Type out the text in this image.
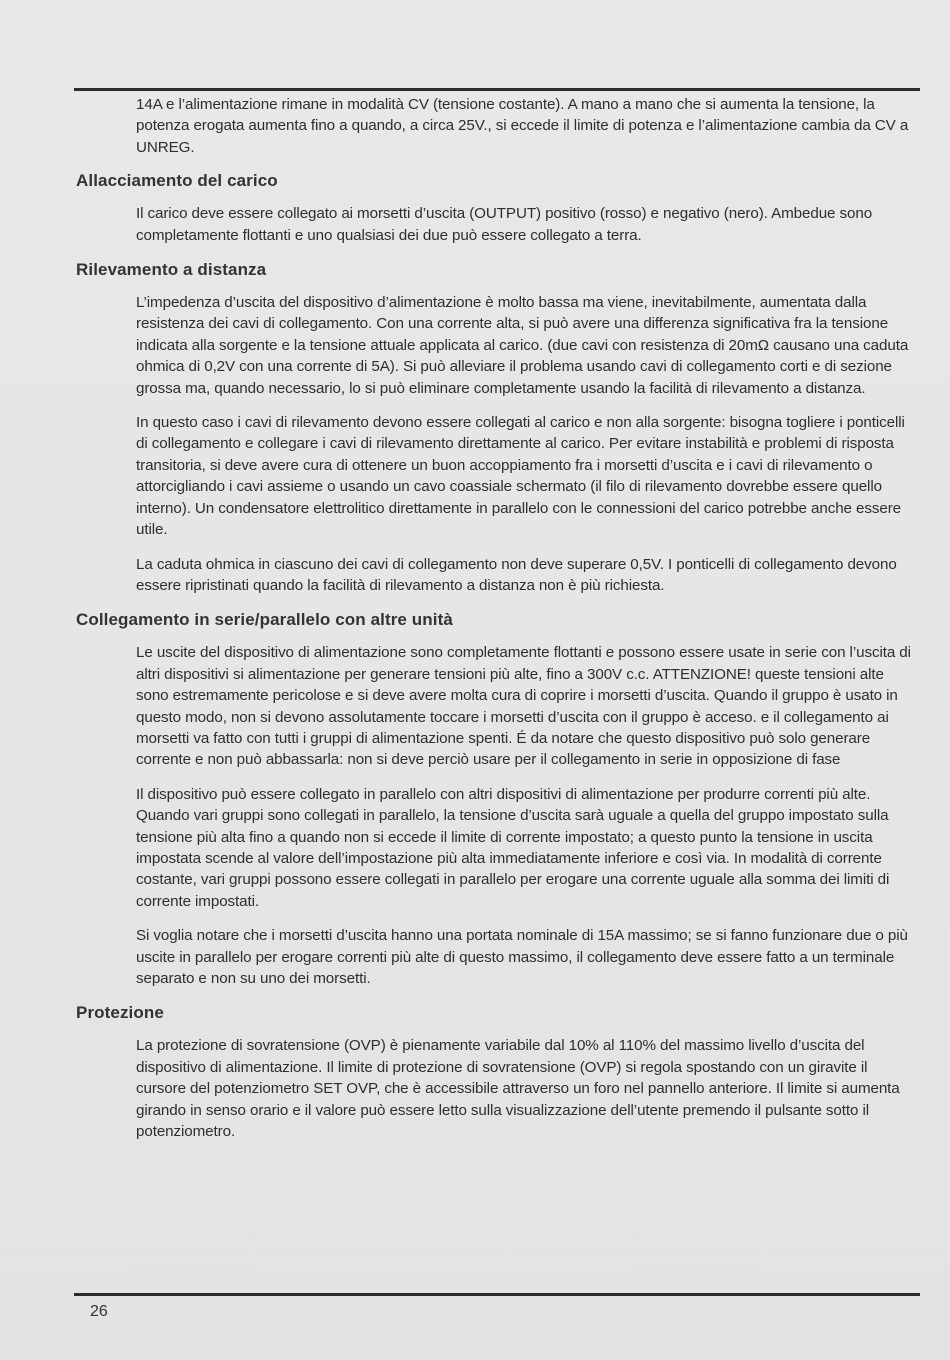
14A e l’alimentazione rimane in modalità CV (tensione costante). A mano a mano che si aumenta la tensione, la potenza erogata aumenta fino a quando, a circa 25V., si eccede il limite di potenza e l’alimentazione cambia da CV a UNREG.

Allacciamento del carico

Il carico deve essere collegato ai morsetti d’uscita (OUTPUT) positivo (rosso) e negativo (nero). Ambedue sono completamente flottanti e uno qualsiasi dei due può essere collegato a terra.

Rilevamento a distanza

L’impedenza d’uscita del dispositivo d’alimentazione è molto bassa ma viene, inevitabilmente, aumentata dalla resistenza dei cavi di collegamento. Con una corrente alta, si può avere una differenza significativa fra la tensione indicata alla sorgente e la tensione attuale applicata al carico. (due cavi con resistenza di 20mΩ causano una caduta ohmica di 0,2V con una corrente di 5A). Si può alleviare il problema usando cavi di collegamento corti e di sezione grossa ma, quando necessario, lo si può eliminare completamente usando la facilità di rilevamento a distanza.

In questo caso i cavi di rilevamento devono essere collegati al carico e non alla sorgente: bisogna togliere i ponticelli di collegamento e collegare i cavi di rilevamento direttamente al carico. Per evitare instabilità e problemi di risposta transitoria, si deve avere cura di ottenere un buon accoppiamento fra i morsetti d’uscita e i cavi di rilevamento o attorcigliando i cavi assieme o usando un cavo coassiale schermato (il filo di rilevamento dovrebbe essere quello interno). Un condensatore elettrolitico direttamente in parallelo con le connessioni del carico potrebbe anche essere utile.

La caduta ohmica in ciascuno dei cavi di collegamento non deve superare 0,5V. I ponticelli di collegamento devono essere ripristinati quando la facilità di rilevamento a distanza non è più richiesta.

Collegamento in serie/parallelo con altre unità

Le uscite del dispositivo di alimentazione sono completamente flottanti e possono essere usate in serie con l’uscita di altri dispositivi si alimentazione per generare tensioni più alte, fino a 300V c.c. ATTENZIONE! queste tensioni alte sono estremamente pericolose e si deve avere molta cura di coprire i morsetti d’uscita. Quando il gruppo è usato in questo modo, non si devono assolutamente toccare i morsetti d’uscita con il gruppo è acceso. e il collegamento ai morsetti va fatto con tutti i gruppi di alimentazione spenti. É da notare che questo dispositivo può solo generare corrente e non può abbassarla: non si deve perciò usare per il collegamento in serie in opposizione di fase

Il dispositivo può essere collegato in parallelo con altri dispositivi di alimentazione per produrre correnti più alte. Quando vari gruppi sono collegati in parallelo, la tensione d’uscita sarà uguale a quella del gruppo impostato sulla tensione più alta fino a quando non si eccede il limite di corrente impostato; a questo punto la tensione in uscita impostata scende al valore dell’impostazione più alta immediatamente inferiore e così via. In modalità di corrente costante, vari gruppi possono essere collegati in parallelo per erogare una corrente uguale alla somma dei limiti di corrente impostati.

Si voglia notare che i morsetti d’uscita hanno una portata nominale di 15A massimo; se si fanno funzionare due o più uscite in parallelo per erogare correnti più alte di questo massimo, il collegamento deve essere fatto a un terminale separato e non su uno dei morsetti.

Protezione

La protezione di sovratensione (OVP) è pienamente variabile dal 10% al 110% del massimo livello d’uscita del dispositivo di alimentazione. Il limite di protezione di sovratensione (OVP) si regola spostando con un giravite il cursore del potenziometro SET OVP, che è accessibile attraverso un foro nel pannello anteriore. Il limite si aumenta girando in senso orario e il valore può essere letto sulla visualizzazione dell’utente premendo il pulsante sotto il potenziometro.

26
